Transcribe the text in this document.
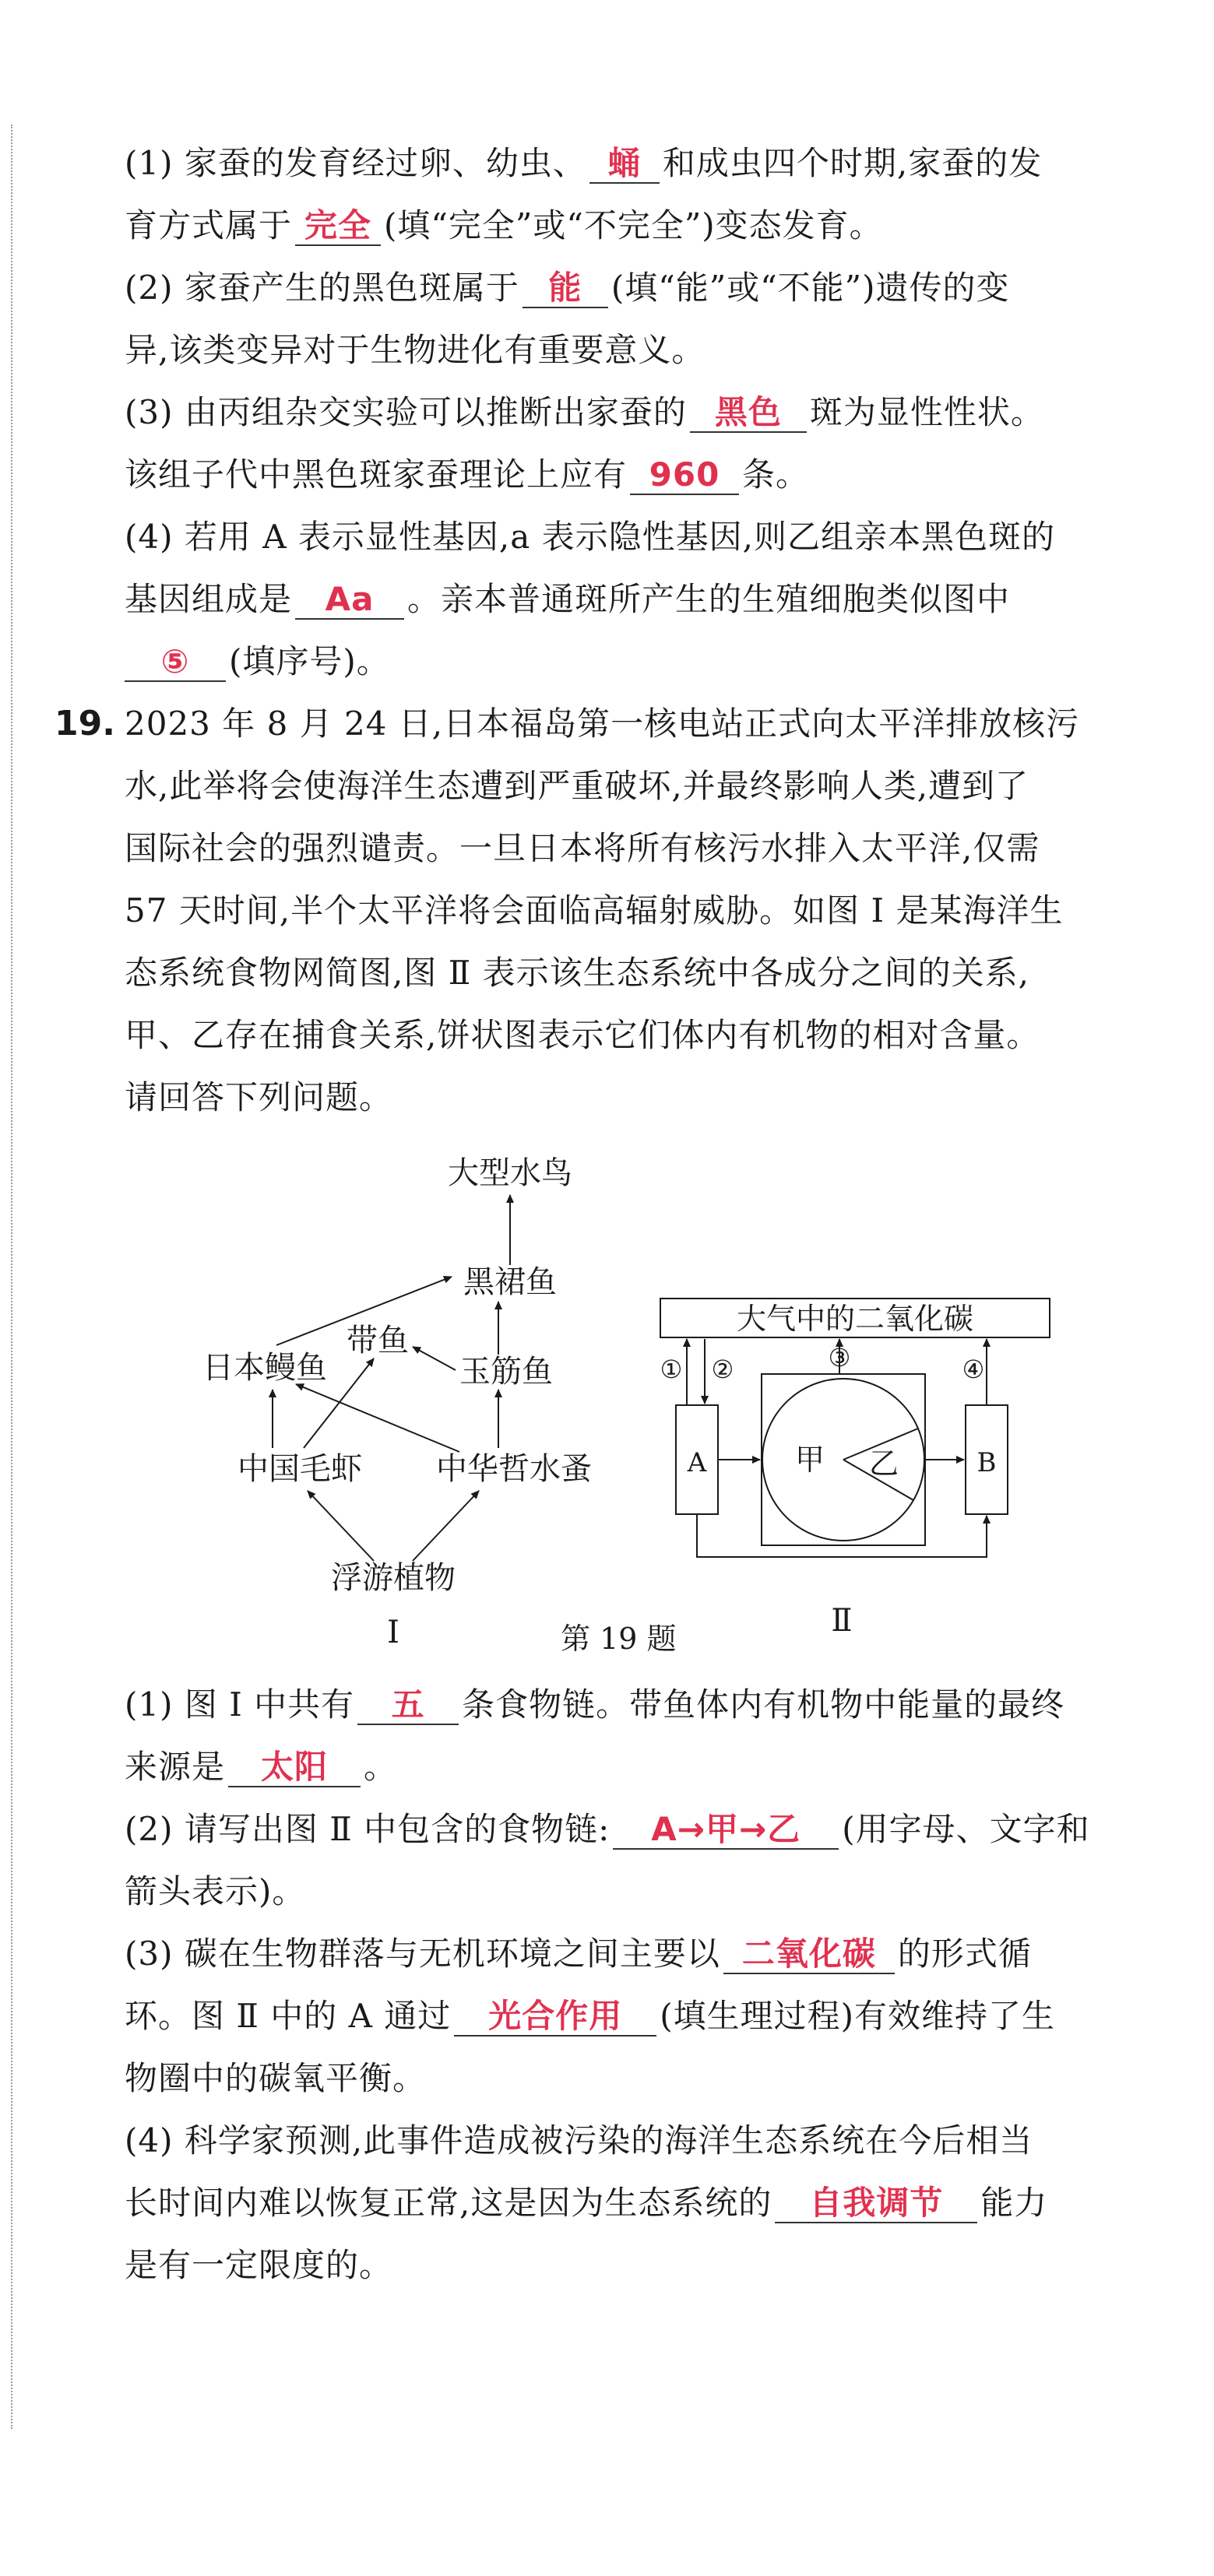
(1) 家蚕的发育经过卵、幼虫、 蛹 和成虫四个时期,家蚕的发
育方式属于 完全 (填“完全”或“不完全”)变态发育。
(2) 家蚕产生的黑色斑属于 能 (填“能”或“不能”)遗传的变
异,该类变异对于生物进化有重要意义。
(3) 由丙组杂交实验可以推断出家蚕的 黑色 斑为显性性状。
该组子代中黑色斑家蚕理论上应有 960 条。
(4) 若用 A 表示显性基因,a 表示隐性基因,则乙组亲本黑色斑的
基因组成是 Aa 。亲本普通斑所产生的生殖细胞类似图中
⑤ (填序号)。
19. 2023 年 8 月 24 日,日本福岛第一核电站正式向太平洋排放核污
水,此举将会使海洋生态遭到严重破坏,并最终影响人类,遭到了
国际社会的强烈谴责。一旦日本将所有核污水排入太平洋,仅需
57 天时间,半个太平洋将会面临高辐射威胁。如图 Ⅰ 是某海洋生
态系统食物网简图,图 Ⅱ 表示该生态系统中各成分之间的关系,
甲、乙存在捕食关系,饼状图表示它们体内有机物的相对含量。
请回答下列问题。
大型水鸟
黑裙鱼
带鱼
日本鳗鱼	玉筋鱼
中国毛虾 中华哲水蚤
浮游植物
Ⅰ
大气中的二氧化碳
甲 乙
A	B
① ②	③	④
Ⅱ
第 19 题
(1) 图 Ⅰ 中共有 五 条食物链。带鱼体内有机物中能量的最终
来源是 太阳 。
(2) 请写出图 Ⅱ 中包含的食物链: A→甲→乙 (用字母、文字和
箭头表示)。
(3) 碳在生物群落与无机环境之间主要以 二氧化碳 的形式循
环。图 Ⅱ 中的 A 通过 光合作用 (填生理过程)有效维持了生
物圈中的碳氧平衡。
(4) 科学家预测,此事件造成被污染的海洋生态系统在今后相当
长时间内难以恢复正常,这是因为生态系统的 自我调节 能力
是有一定限度的。
